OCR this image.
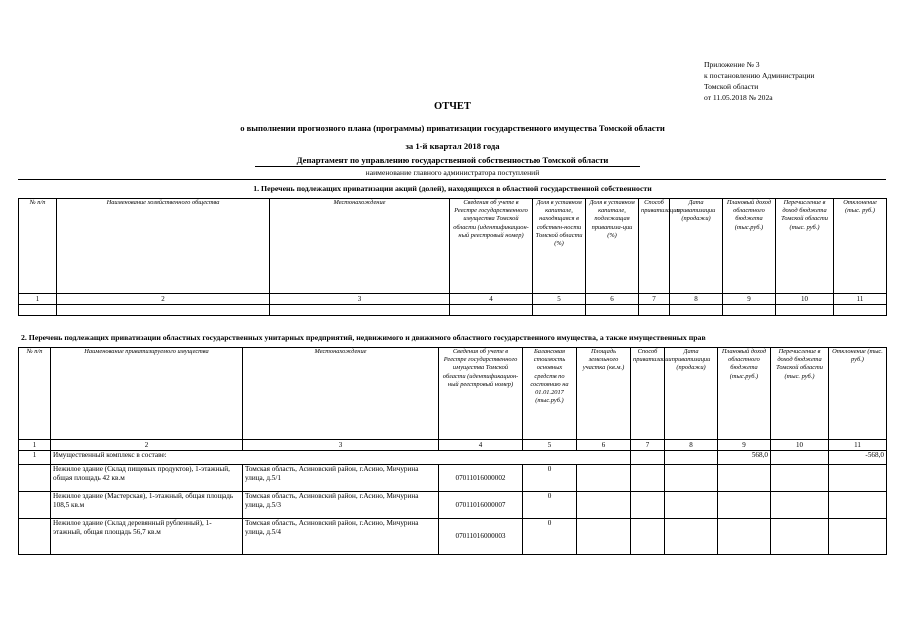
Приложение № 3
к постановлению Администрации
Томской области
от 11.05.2018 № 202а
ОТЧЕТ
о выполнении прогнозного плана (программы) приватизации государственного имущества Томской области
за 1-й квартал 2018 года
Департамент по управлению государственной собственностью Томской области
наименование главного администратора поступлений
1. Перечень подлежащих приватизации акций (долей), находящихся в областной государственной собственности
№ п/п	Наименование хозяйственного общества	Местонахождение	Сведения об учете в Реестре государственного имущества Томской области (идентификацион-ный реестровый номер)	Доля в уставном капитале, находящаяся в собствен-ности Томской области (%)	Доля в уставном капитале, подлежащая приватиза-ции (%)	Способ приватизации	Дата приватизации (продажи)	Плановый доход областного бюджета (тыс.руб.)	Перечисление в доход бюджета Томской области (тыс. руб.)	Отклонение (тыс. руб.)
1	2	3	4	5	6	7	8	9	10	11

2. Перечень подлежащих приватизации областных государственных унитарных предприятий, недвижимого и движимого областного государственного имущества, а также имущественных прав
№ п/п	Наименование приватизируемого имущества	Местонахождение	Сведения об учете в Реестре государственного имущества Томской области (идентификацион-ный реестровый номер)	Балансовая стоимость основных средств по состоянию на 01.01.2017 (тыс.руб.)	Площадь земельного участка (кв.м.)	Способ приватизации	Дата приватизации (продажи)	Плановый доход областного бюджета (тыс.руб.)	Перечисление в доход бюджета Томской области (тыс. руб.)	Отклонение (тыс. руб.)
1	2	3	4	5	6	7	8	9	10	11
1	Имущественный комплекс в составе:							568,0		-568,0
	Нежилое здание (Склад пищевых продуктов), 1-этажный, общая площадь 42 кв.м	Томская область, Асиновский район, г.Асино, Мичурина улица, д.5/1	07011016000002	0						
	Нежилое здание (Мастерская), 1-этажный, общая площадь 108,5 кв.м	Томская область, Асиновский район, г.Асино, Мичурина улица, д.5/3	07011016000007	0						
	Нежилое здание (Склад деревянный рубленный), 1-этажный, общая площадь 56,7 кв.м	Томская область, Асиновский район, г.Асино, Мичурина улица, д.5/4	07011016000003	0						
